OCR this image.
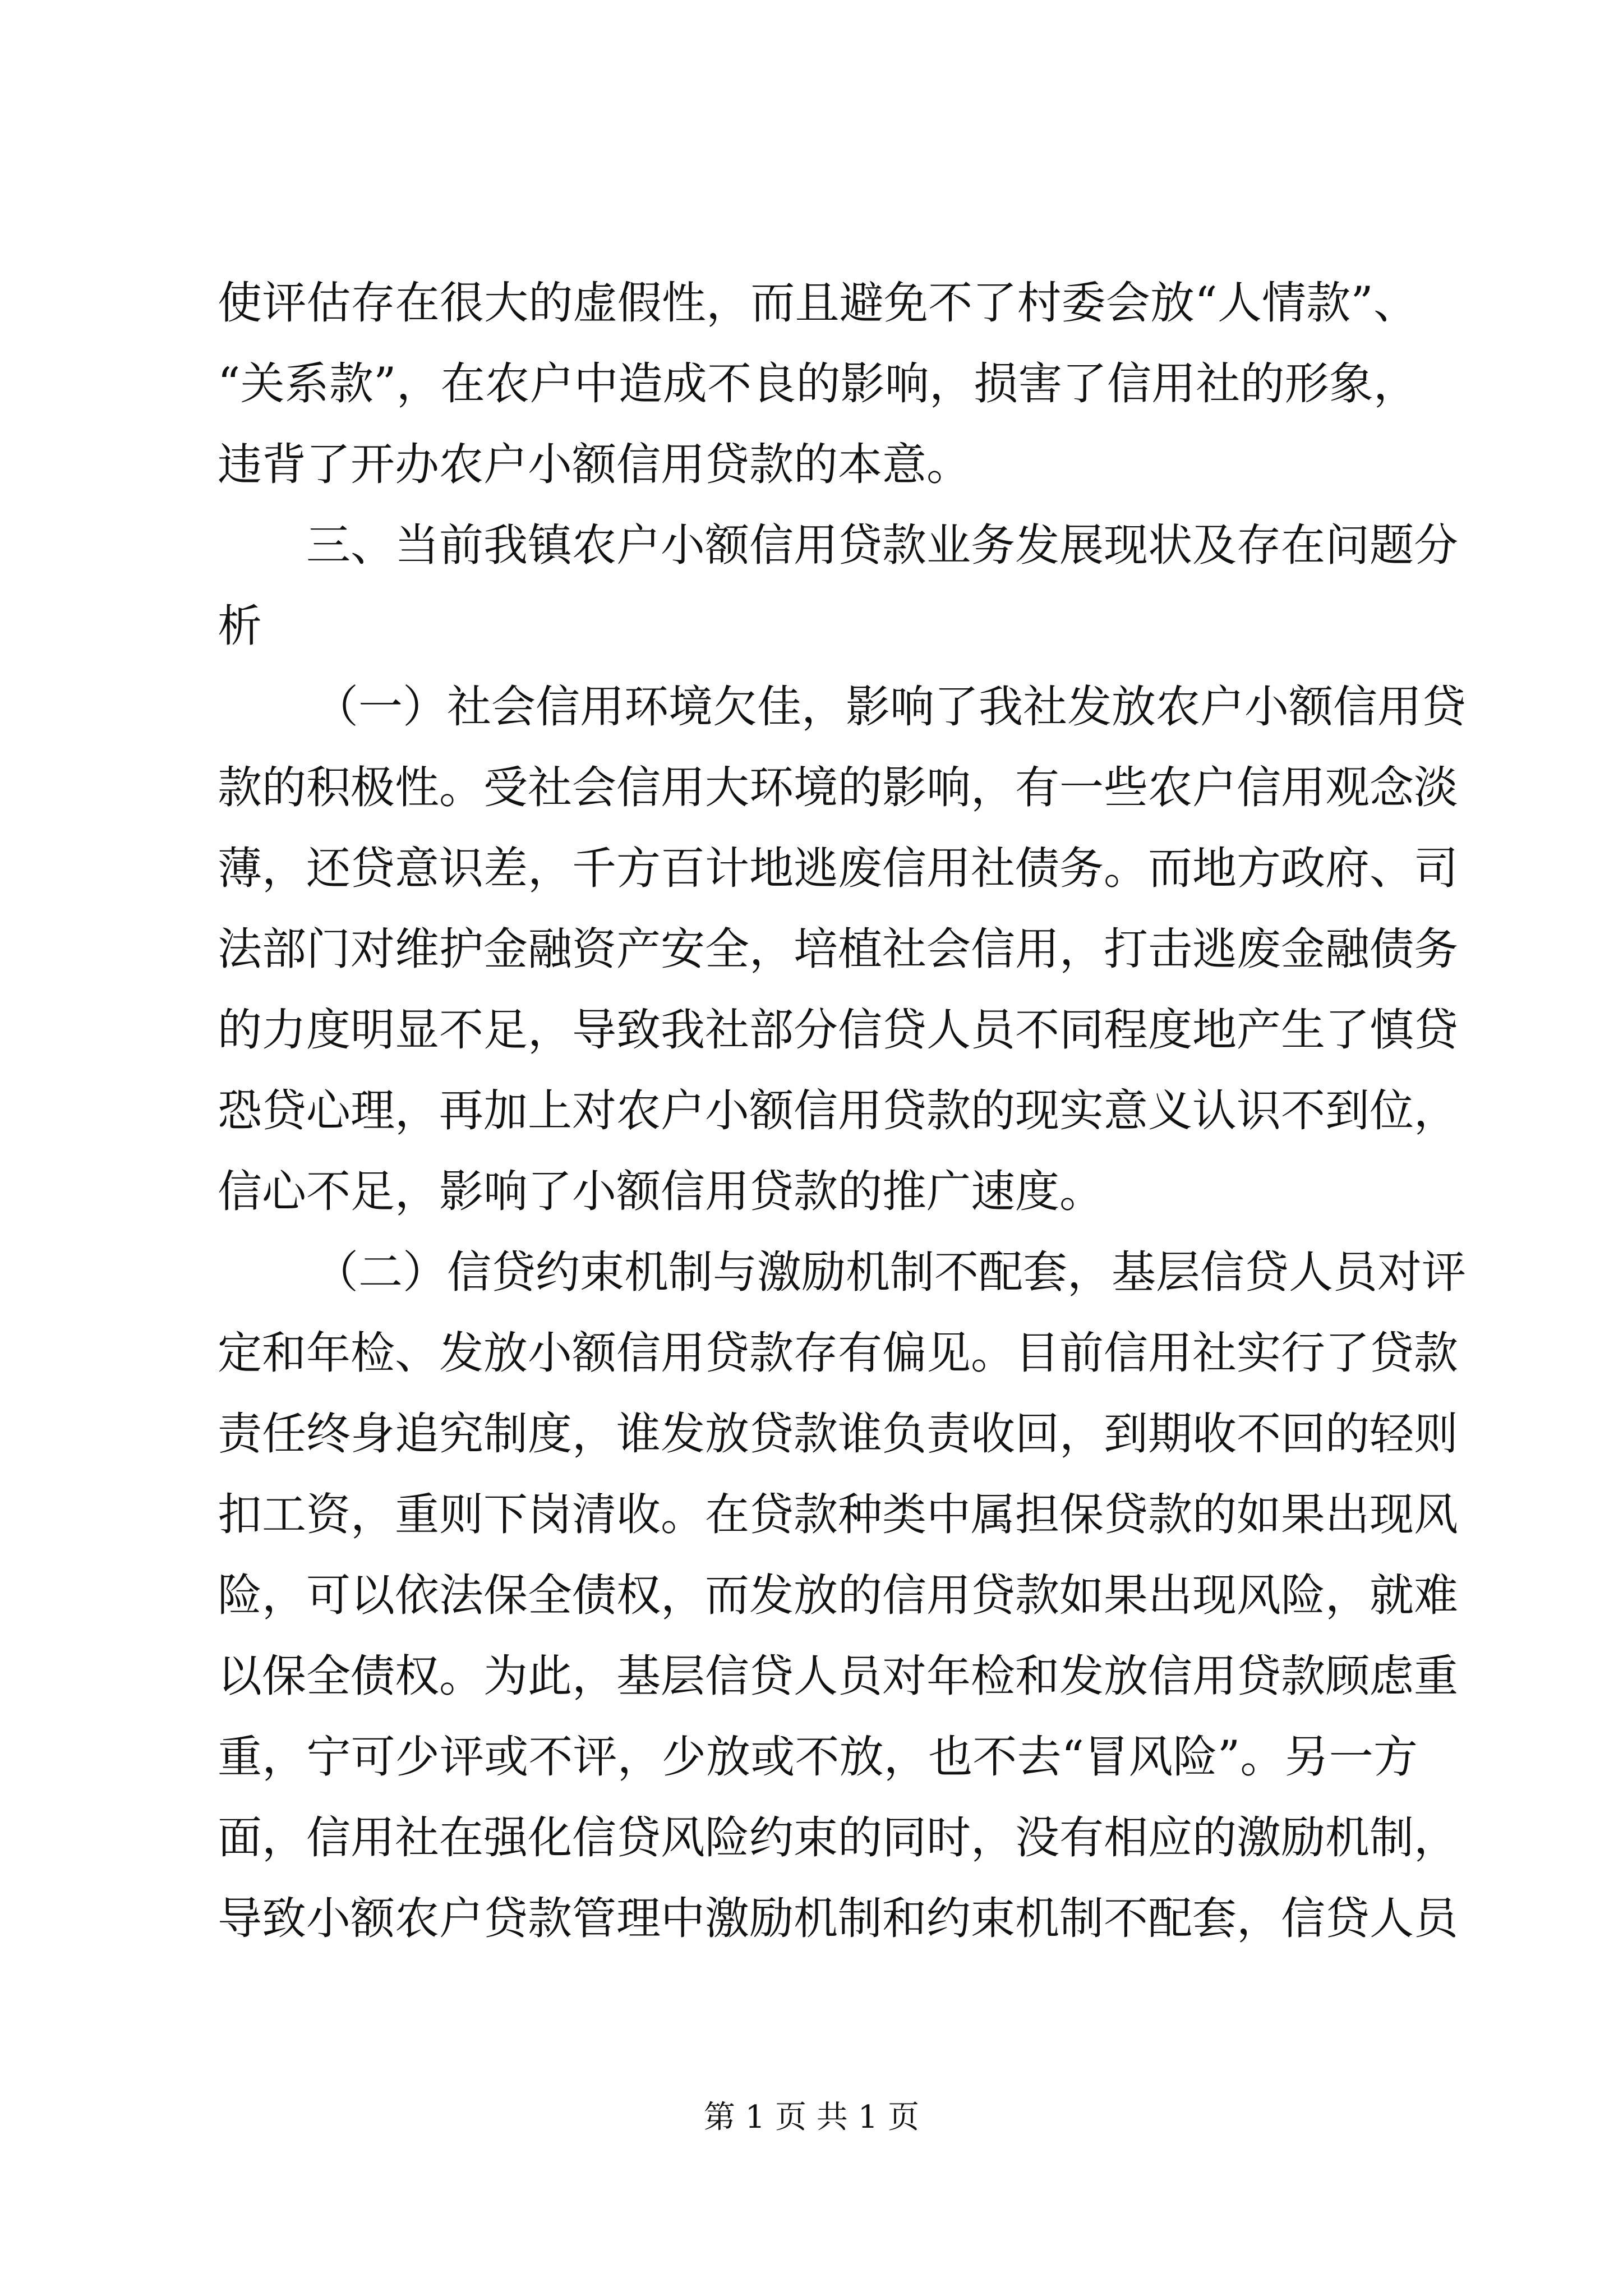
使评估存在很大的虚假性，而且避免不了村委会放“人情款”、
“关系款”，在农户中造成不良的影响，损害了信用社的形象，
违背了开办农户小额信用贷款的本意。
三、当前我镇农户小额信用贷款业务发展现状及存在问题分
析
（一）社会信用环境欠佳，影响了我社发放农户小额信用贷
款的积极性。受社会信用大环境的影响，有一些农户信用观念淡
薄，还贷意识差，千方百计地逃废信用社债务。而地方政府、司
法部门对维护金融资产安全，培植社会信用，打击逃废金融债务
的力度明显不足，导致我社部分信贷人员不同程度地产生了慎贷
恐贷心理，再加上对农户小额信用贷款的现实意义认识不到位，
信心不足，影响了小额信用贷款的推广速度。
（二）信贷约束机制与激励机制不配套，基层信贷人员对评
定和年检、发放小额信用贷款存有偏见。目前信用社实行了贷款
责任终身追究制度，谁发放贷款谁负责收回，到期收不回的轻则
扣工资，重则下岗清收。在贷款种类中属担保贷款的如果出现风
险，可以依法保全债权，而发放的信用贷款如果出现风险，就难
以保全债权。为此，基层信贷人员对年检和发放信用贷款顾虑重
重，宁可少评或不评，少放或不放，也不去“冒风险”。另一方
面，信用社在强化信贷风险约束的同时，没有相应的激励机制，
导致小额农户贷款管理中激励机制和约束机制不配套，信贷人员
第 1 页 共 1 页
